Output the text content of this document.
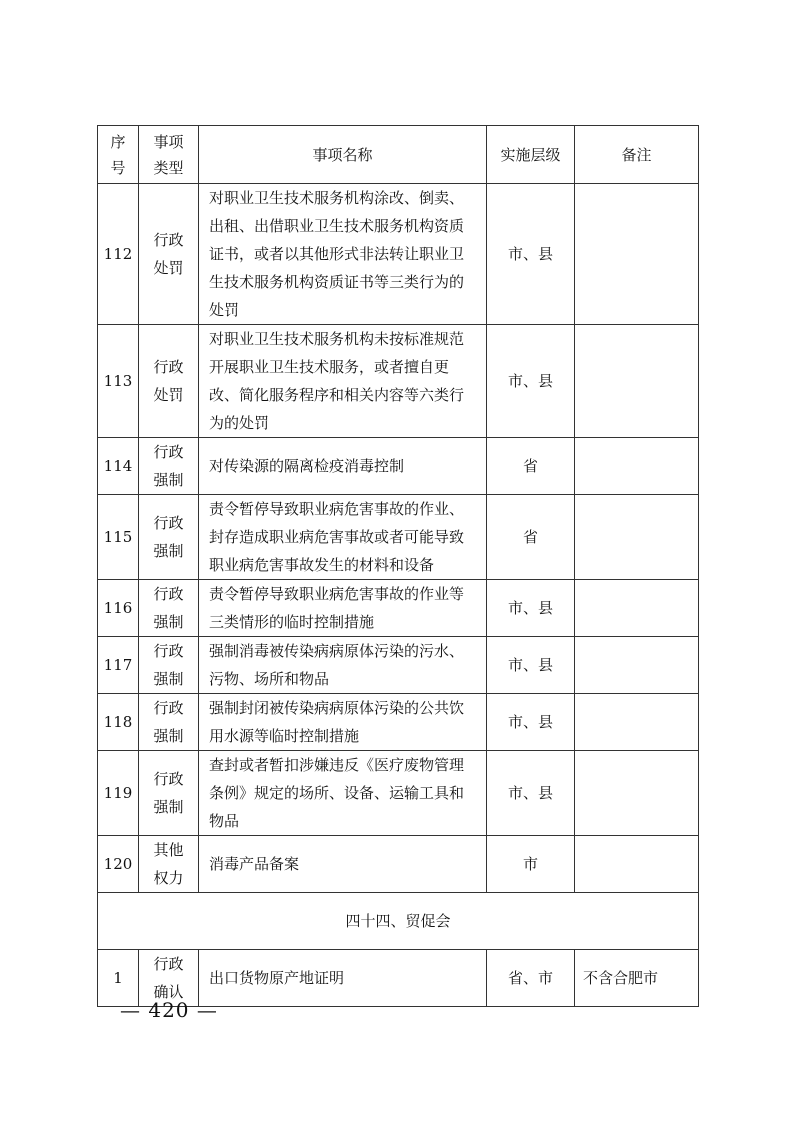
序号	事项类型	事项名称	实施层级	备注
112	行政处罚	对职业卫生技术服务机构涂改、倒卖、出租、出借职业卫生技术服务机构资质证书，或者以其他形式非法转让职业卫生技术服务机构资质证书等三类行为的处罚	市、县	
113	行政处罚	对职业卫生技术服务机构未按标准规范开展职业卫生技术服务，或者擅自更改、简化服务程序和相关内容等六类行为的处罚	市、县	
114	行政强制	对传染源的隔离检疫消毒控制	省	
115	行政强制	责令暂停导致职业病危害事故的作业、封存造成职业病危害事故或者可能导致职业病危害事故发生的材料和设备	省	
116	行政强制	责令暂停导致职业病危害事故的作业等三类情形的临时控制措施	市、县	
117	行政强制	强制消毒被传染病病原体污染的污水、污物、场所和物品	市、县	
118	行政强制	强制封闭被传染病病原体污染的公共饮用水源等临时控制措施	市、县	
119	行政强制	查封或者暂扣涉嫌违反《医疗废物管理条例》规定的场所、设备、运输工具和物品	市、县	
120	其他权力	消毒产品备案	市	
四十四、贸促会				
1	行政确认	出口货物原产地证明	省、市	不含合肥市
— 420 —
